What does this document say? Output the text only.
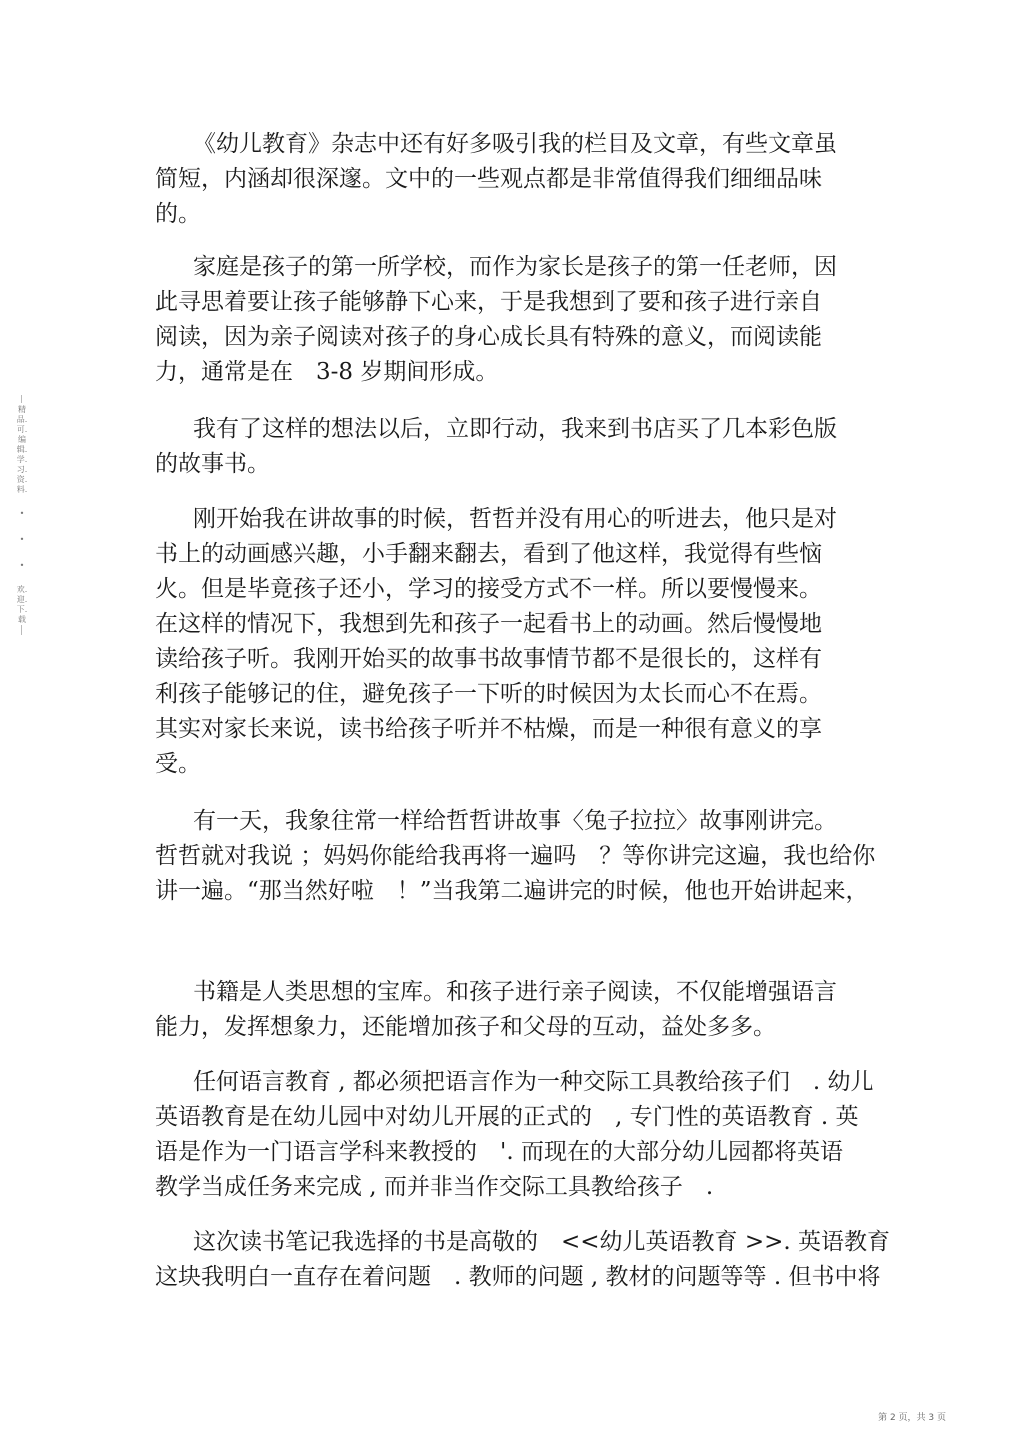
精品.可.编辑.学.习.资.料.
•
•
•
欢.迎.下.载

《幼儿教育》杂志中还有好多吸引我的栏目及文章，有些文章虽
简短，内涵却很深邃。文中的一些观点都是非常值得我们细细品味
的。

家庭是孩子的第一所学校，而作为家长是孩子的第一任老师，因
此寻思着要让孩子能够静下心来，于是我想到了要和孩子进行亲自
阅读，因为亲子阅读对孩子的身心成长具有特殊的意义，而阅读能
力，通常是在　3-8 岁期间形成。

我有了这样的想法以后，立即行动，我来到书店买了几本彩色版
的故事书。

刚开始我在讲故事的时候，哲哲并没有用心的听进去，他只是对
书上的动画感兴趣，小手翻来翻去，看到了他这样，我觉得有些恼
火。但是毕竟孩子还小，学习的接受方式不一样。所以要慢慢来。
在这样的情况下，我想到先和孩子一起看书上的动画。然后慢慢地
读给孩子听。我刚开始买的故事书故事情节都不是很长的，这样有
利孩子能够记的住，避免孩子一下听的时候因为太长而心不在焉。
其实对家长来说，读书给孩子听并不枯燥，而是一种很有意义的享
受。

有一天，我象往常一样给哲哲讲故事〈兔子拉拉〉故事刚讲完。
哲哲就对我说 ；妈妈你能给我再将一遍吗　？等你讲完这遍，我也给你
讲一遍。“那当然好啦　！”当我第二遍讲完的时候，他也开始讲起来，

书籍是人类思想的宝库。和孩子进行亲子阅读，不仅能增强语言
能力，发挥想象力，还能增加孩子和父母的互动，益处多多。

任何语言教育 , 都必须把语言作为一种交际工具教给孩子们　. 幼儿
英语教育是在幼儿园中对幼儿开展的正式的　, 专门性的英语教育 . 英
语是作为一门语言学科来教授的　'. 而现在的大部分幼儿园都将英语
教学当成任务来完成 , 而并非当作交际工具教给孩子　.

这次读书笔记我选择的书是高敬的　<<幼儿英语教育 >>. 英语教育
这块我明白一直存在着问题　. 教师的问题 , 教材的问题等等 . 但书中将

第 2 页，共 3 页
